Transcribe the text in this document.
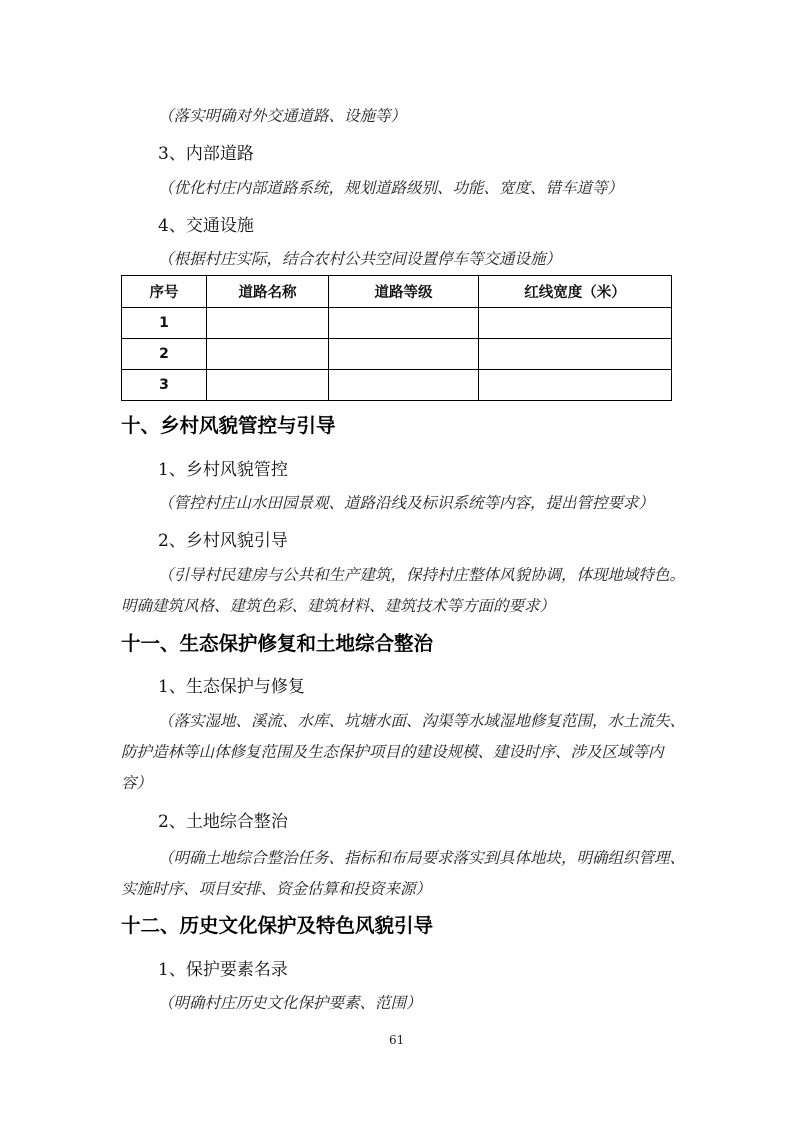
（落实明确对外交通道路、设施等）
3、内部道路
（优化村庄内部道路系统，规划道路级别、功能、宽度、错车道等）
4、交通设施
（根据村庄实际，结合农村公共空间设置停车等交通设施）
序号	道路名称	道路等级	红线宽度（米）
1			
2			
3			
十、乡村风貌管控与引导
1、乡村风貌管控
（管控村庄山水田园景观、道路沿线及标识系统等内容，提出管控要求）
2、乡村风貌引导
（引导村民建房与公共和生产建筑，保持村庄整体风貌协调，体现地域特色。
明确建筑风格、建筑色彩、建筑材料、建筑技术等方面的要求）
十一、生态保护修复和土地综合整治
1、生态保护与修复
（落实湿地、溪流、水库、坑塘水面、沟渠等水域湿地修复范围，水土流失、
防护造林等山体修复范围及生态保护项目的建设规模、建设时序、涉及区域等内
容）
2、土地综合整治
（明确土地综合整治任务、指标和布局要求落实到具体地块，明确组织管理、
实施时序、项目安排、资金估算和投资来源）
十二、历史文化保护及特色风貌引导
1、保护要素名录
（明确村庄历史文化保护要素、范围）
61
